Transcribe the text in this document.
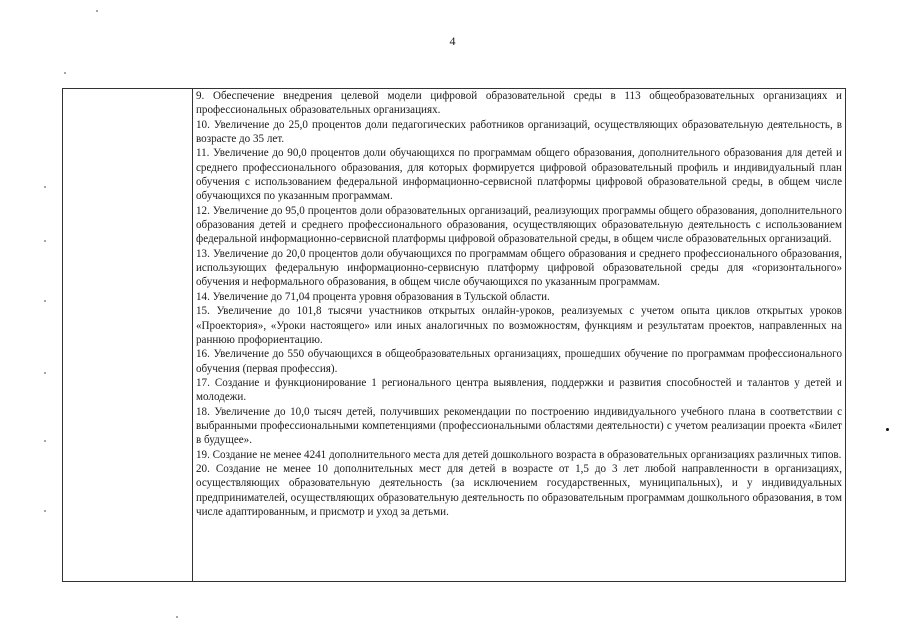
4

9. Обеспечение внедрения целевой модели цифровой образовательной среды в 113 общеобразовательных организациях и профессиональных образовательных организациях.

10. Увеличение до 25,0 процентов доли педагогических работников организаций, осуществляющих образовательную деятельность, в возрасте до 35 лет.

11. Увеличение до 90,0 процентов доли обучающихся по программам общего образования, дополнительного образования для детей и среднего профессионального образования, для которых формируется цифровой образовательный профиль и индивидуальный план обучения с использованием федеральной информационно-сервисной платформы цифровой образовательной среды, в общем числе обучающихся по указанным программам.

12. Увеличение до 95,0 процентов доли образовательных организаций, реализующих программы общего образования, дополнительного образования детей и среднего профессионального образования, осуществляющих образовательную деятельность с использованием федеральной информационно-сервисной платформы цифровой образовательной среды, в общем числе образовательных организаций.

13. Увеличение до 20,0 процентов доли обучающихся по программам общего образования и среднего профессионального образования, использующих федеральную информационно-сервисную платформу цифровой образовательной среды для «горизонтального» обучения и неформального образования, в общем числе обучающихся по указанным программам.

14. Увеличение до 71,04 процента уровня образования в Тульской области.

15. Увеличение до 101,8 тысячи участников открытых онлайн-уроков, реализуемых с учетом опыта циклов открытых уроков «Проектория», «Уроки настоящего» или иных аналогичных по возможностям, функциям и результатам проектов, направленных на раннюю профориентацию.

16. Увеличение до 550 обучающихся в общеобразовательных организациях, прошедших обучение по программам профессионального обучения (первая профессия).

17. Создание и функционирование 1 регионального центра выявления, поддержки и развития способностей и талантов у детей и молодежи.

18. Увеличение до 10,0 тысяч детей, получивших рекомендации по построению индивидуального учебного плана в соответствии с выбранными профессиональными компетенциями (профессиональными областями деятельности) с учетом реализации проекта «Билет в будущее».

19. Создание не менее 4241 дополнительного места для детей дошкольного возраста в образовательных организациях различных типов.

20. Создание не менее 10 дополнительных мест для детей в возрасте от 1,5 до 3 лет любой направленности в организациях, осуществляющих образовательную деятельность (за исключением государственных, муниципальных), и у индивидуальных предпринимателей, осуществляющих образовательную деятельность по образовательным программам дошкольного образования, в том числе адаптированным, и присмотр и уход за детьми.
